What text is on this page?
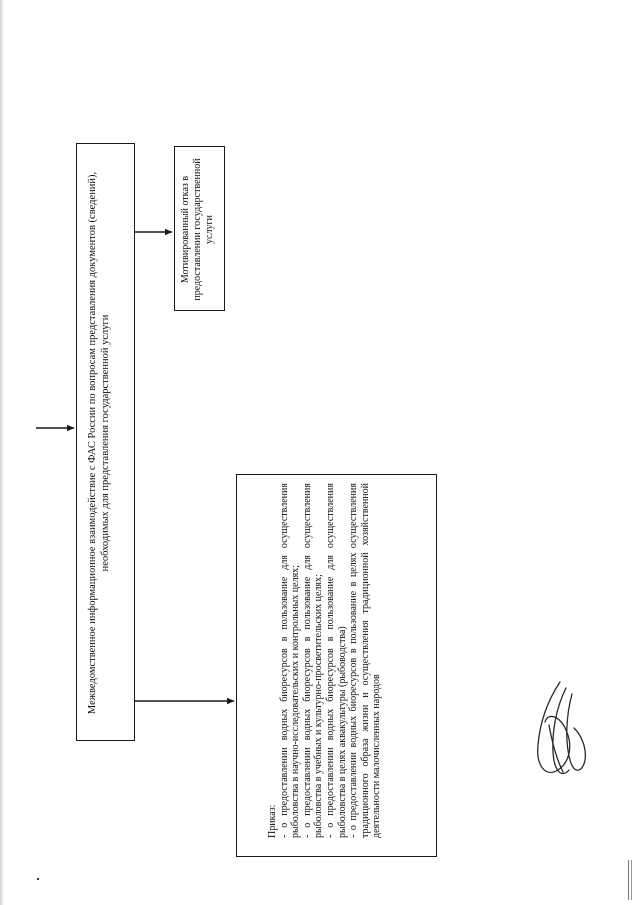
Межведомственное информационное взаимодействие с ФАС России по вопросам представления документов (сведений), необходимых для представления государственной услуги
Мотивированный отказ в предоставлении государственной услуги
Приказ: - о предоставлении водных биоресурсов в пользование для осуществления рыболовства в научно-исследовательских и контрольных целях; - о предоставлении водных биоресурсов в пользование для осуществления рыболовства в учебных и культурно-просветительских целях; - о предоставлении водных биоресурсов в пользование для осуществления рыболовства в целях аквакультуры (рыбоводства) - о предоставлении водных биоресурсов в пользование в целях осуществления традиционного образа жизни и осуществления традиционной хозяйственной деятельности малочисленных народов
